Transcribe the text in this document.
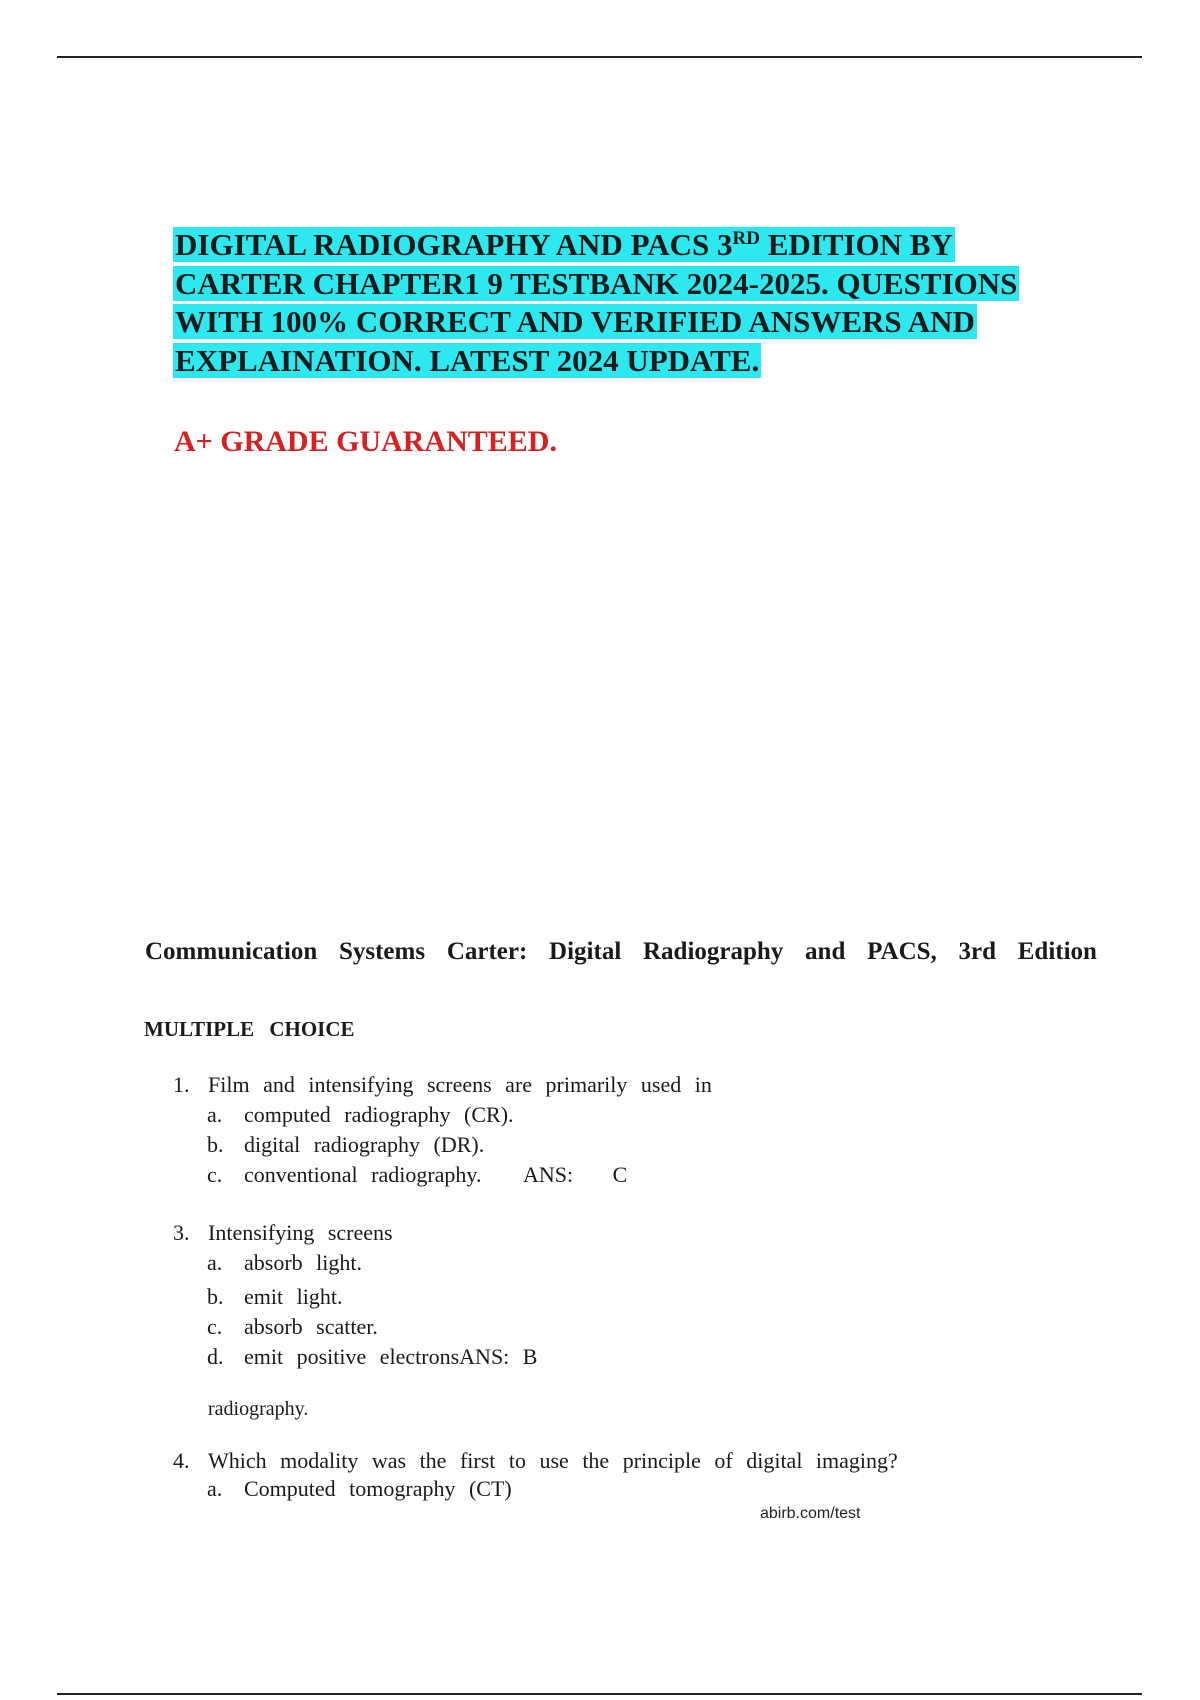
DIGITAL RADIOGRAPHY AND PACS 3RD EDITION BY
CARTER CHAPTER1 9 TESTBANK 2024-2025. QUESTIONS
WITH 100% CORRECT AND VERIFIED ANSWERS AND
EXPLAINATION. LATEST 2024 UPDATE.
A+ GRADE GUARANTEED.
Communication Systems Carter: Digital Radiography and PACS, 3rd Edition
MULTIPLE CHOICE
1. Film and intensifying screens are primarily used in
a. computed radiography (CR).
b. digital radiography (DR).
c. conventional radiography. ANS: C
3. Intensifying screens
a. absorb light.
b. emit light.
c. absorb scatter.
d. emit positive electronsANS: B
radiography.
4. Which modality was the first to use the principle of digital imaging?
a. Computed tomography (CT)
abirb.com/test
